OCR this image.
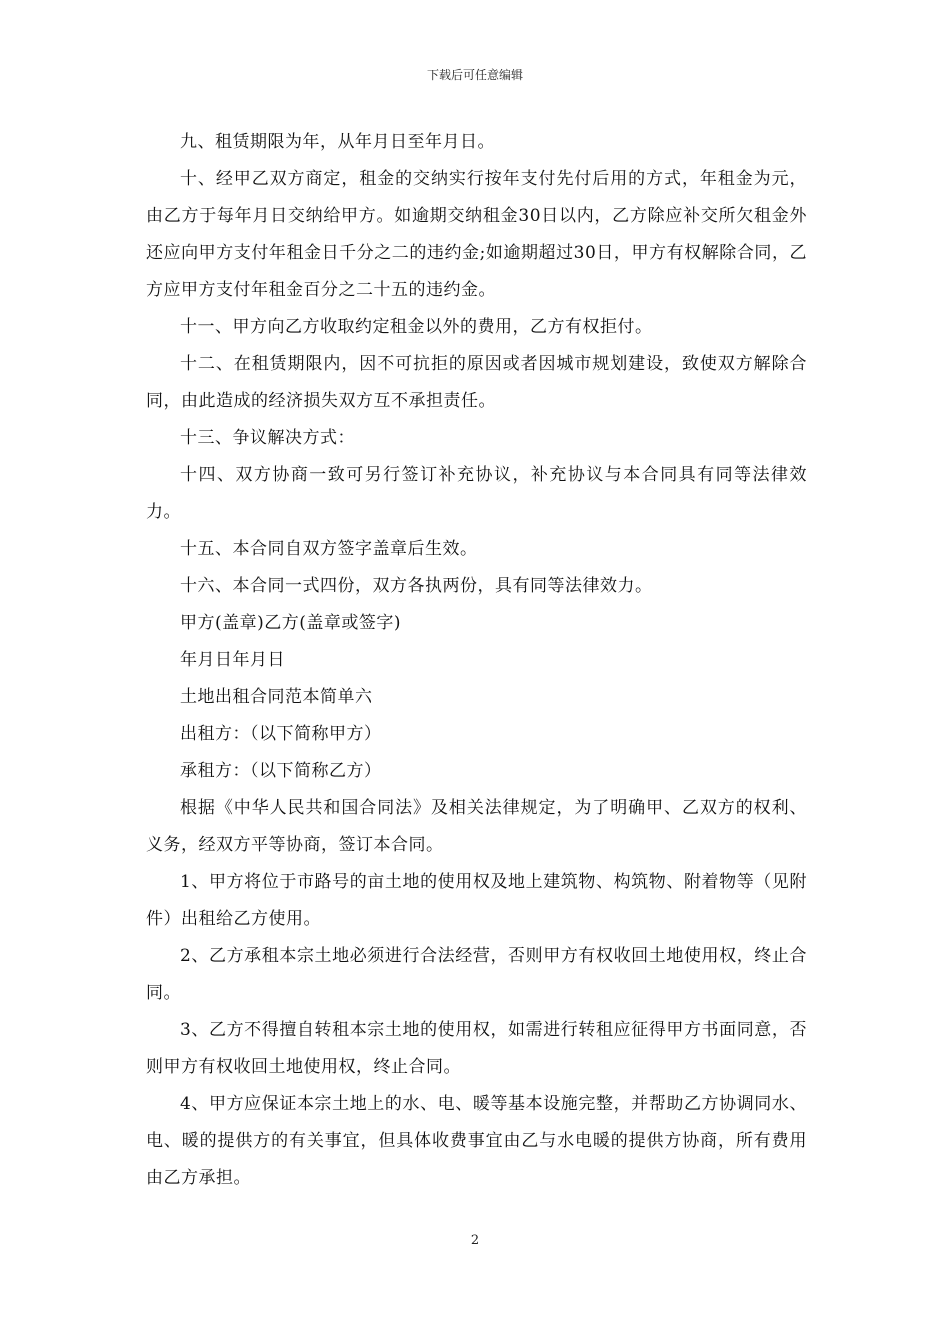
下载后可任意编辑

九、租赁期限为年，从年月日至年月日。

十、经甲乙双方商定，租金的交纳实行按年支付先付后用的方式，年租金为元，由乙方于每年月日交纳给甲方。如逾期交纳租金30日以内，乙方除应补交所欠租金外还应向甲方支付年租金日千分之二的违约金;如逾期超过30日，甲方有权解除合同，乙方应甲方支付年租金百分之二十五的违约金。

十一、甲方向乙方收取约定租金以外的费用，乙方有权拒付。

十二、在租赁期限内，因不可抗拒的原因或者因城市规划建设，致使双方解除合同，由此造成的经济损失双方互不承担责任。

十三、争议解决方式：

十四、双方协商一致可另行签订补充协议，补充协议与本合同具有同等法律效力。

十五、本合同自双方签字盖章后生效。

十六、本合同一式四份，双方各执两份，具有同等法律效力。

甲方(盖章)乙方(盖章或签字)

年月日年月日

土地出租合同范本简单六

出租方：（以下简称甲方）

承租方：（以下简称乙方）

根据《中华人民共和国合同法》及相关法律规定，为了明确甲、乙双方的权利、义务，经双方平等协商，签订本合同。

1、甲方将位于市路号的亩土地的使用权及地上建筑物、构筑物、附着物等（见附件）出租给乙方使用。

2、乙方承租本宗土地必须进行合法经营，否则甲方有权收回土地使用权，终止合同。

3、乙方不得擅自转租本宗土地的使用权，如需进行转租应征得甲方书面同意，否则甲方有权收回土地使用权，终止合同。

4、甲方应保证本宗土地上的水、电、暖等基本设施完整，并帮助乙方协调同水、电、暖的提供方的有关事宜，但具体收费事宜由乙与水电暖的提供方协商，所有费用由乙方承担。

2
